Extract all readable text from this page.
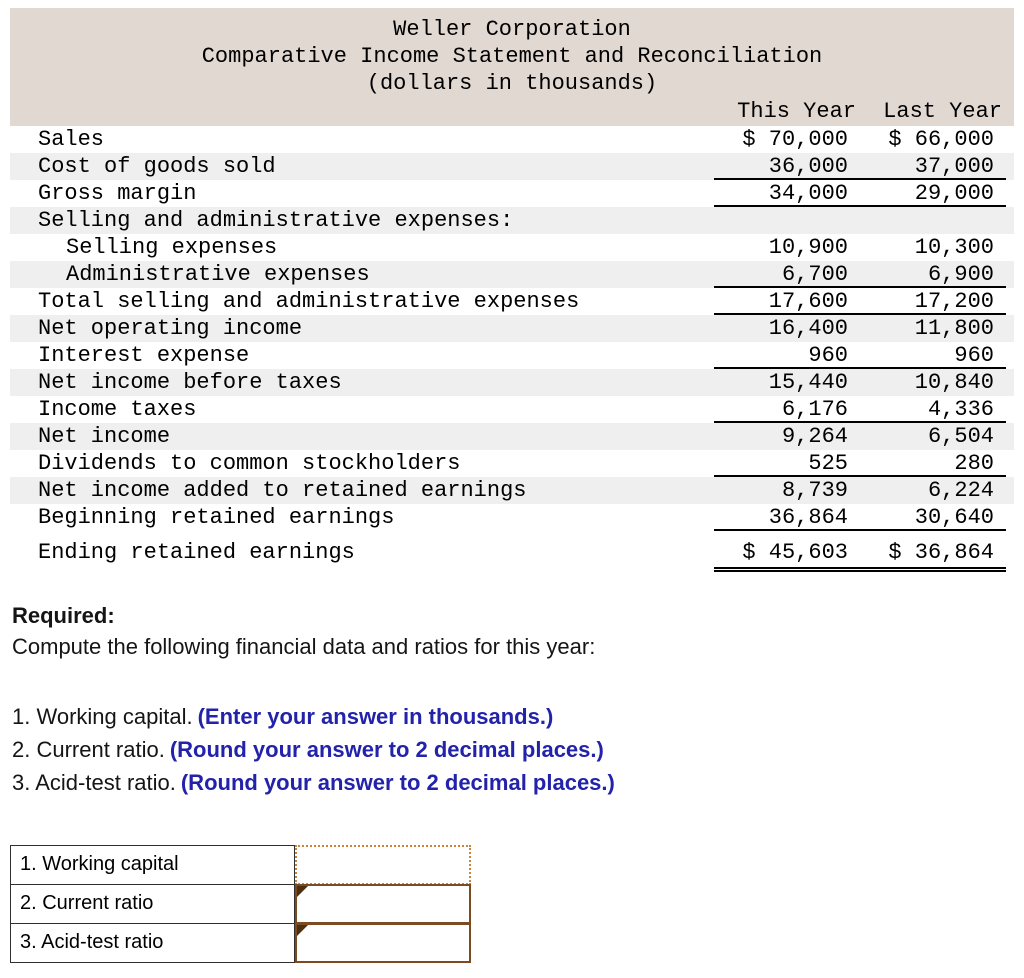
Weller Corporation
Comparative Income Statement and Reconciliation
(dollars in thousands)
This Year	Last Year
Sales	$ 70,000	$ 66,000
Cost of goods sold	36,000	37,000
Gross margin	34,000	29,000
Selling and administrative expenses:
Selling expenses	10,900	10,300
Administrative expenses	6,700	6,900
Total selling and administrative expenses	17,600	17,200
Net operating income	16,400	11,800
Interest expense	960	960
Net income before taxes	15,440	10,840
Income taxes	6,176	4,336
Net income	9,264	6,504
Dividends to common stockholders	525	280
Net income added to retained earnings	8,739	6,224
Beginning retained earnings	36,864	30,640
Ending retained earnings	$ 45,603	$ 36,864
Required:
Compute the following financial data and ratios for this year:
1. Working capital. (Enter your answer in thousands.)
2. Current ratio. (Round your answer to 2 decimal places.)
3. Acid-test ratio. (Round your answer to 2 decimal places.)
1. Working capital
2. Current ratio
3. Acid-test ratio
